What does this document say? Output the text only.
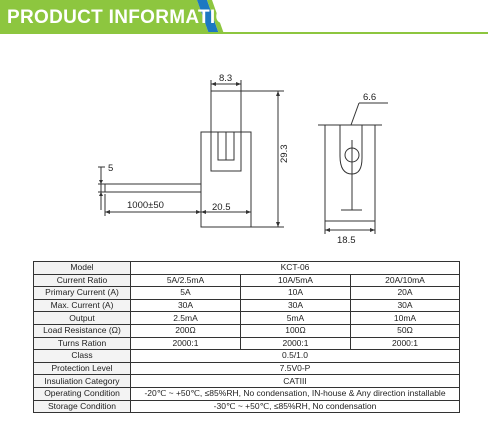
PRODUCT INFORMATION
8.3
29.3
5
1000±50	20.5
6.6
18.5
Model	KCT-06		
Current Ratio	5A/2.5mA	10A/5mA	20A/10mA
Primary Current (A)	5A	10A	20A
Max. Current (A)	30A	30A	30A
Output	2.5mA	5mA	10mA
Load Resistance (Ω)	200Ω	100Ω	50Ω
Turns Ration	2000:1	2000:1	2000:1
Class	0.5/1.0		
Protection Level	7.5V0-P		
Insuliation Category	CATIII		
Operating Condition	-20℃ ~ +50℃, ≤85%RH, No condensation, IN-house & Any direction installable		
Storage Condition	-30℃ ~ +50℃, ≤85%RH, No condensation		
